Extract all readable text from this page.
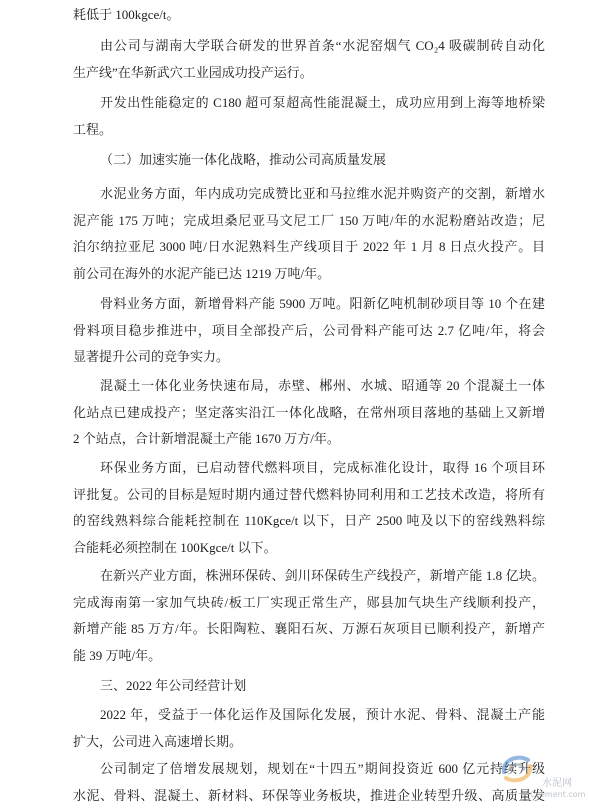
耗低于 100kgce/t。
由公司与湖南大学联合研发的世界首条“水泥窑烟气 CO₂4 吸碳制砖自动化
生产线”在华新武穴工业园成功投产运行。
开发出性能稳定的 C180 超可泵超高性能混凝土，成功应用到上海等地桥梁
工程。
（二）加速实施一体化战略，推动公司高质量发展
水泥业务方面，年内成功完成赞比亚和马拉维水泥并购资产的交割，新增水
泥产能 175 万吨；完成坦桑尼亚马文尼工厂 150 万吨/年的水泥粉磨站改造；尼
泊尔纳拉亚尼 3000 吨/日水泥熟料生产线项目于 2022 年 1 月 8 日点火投产。目
前公司在海外的水泥产能已达 1219 万吨/年。
骨料业务方面，新增骨料产能 5900 万吨。阳新亿吨机制砂项目等 10 个在建
骨料项目稳步推进中，项目全部投产后，公司骨料产能可达 2.7 亿吨/年，将会
显著提升公司的竞争实力。
混凝土一体化业务快速布局，赤壁、郴州、水城、昭通等 20 个混凝土一体
化站点已建成投产；坚定落实沿江一体化战略，在常州项目落地的基础上又新增
2 个站点，合计新增混凝土产能 1670 万方/年。
环保业务方面，已启动替代燃料项目，完成标准化设计，取得 16 个项目环
评批复。公司的目标是短时期内通过替代燃料协同利用和工艺技术改造，将所有
的窑线熟料综合能耗控制在 110Kgce/t 以下，日产 2500 吨及以下的窑线熟料综
合能耗必须控制在 100Kgce/t 以下。
在新兴产业方面，株洲环保砖、剑川环保砖生产线投产，新增产能 1.8 亿块。
完成海南第一家加气块砖/板工厂实现正常生产，郧县加气块生产线顺利投产，
新增产能 85 万方/年。长阳陶粒、襄阳石灰、万源石灰项目已顺利投产，新增产
能 39 万吨/年。
三、2022 年公司经营计划
2022 年，受益于一体化运作及国际化发展，预计水泥、骨料、混凝土产能
扩大，公司进入高速增长期。
公司制定了倍增发展规划，规划在“十四五”期间投资近 600 亿元持续升级
水泥、骨料、混凝土、新材料、环保等业务板块，推进企业转型升级、高质量发
水泥网
Ccement.com
